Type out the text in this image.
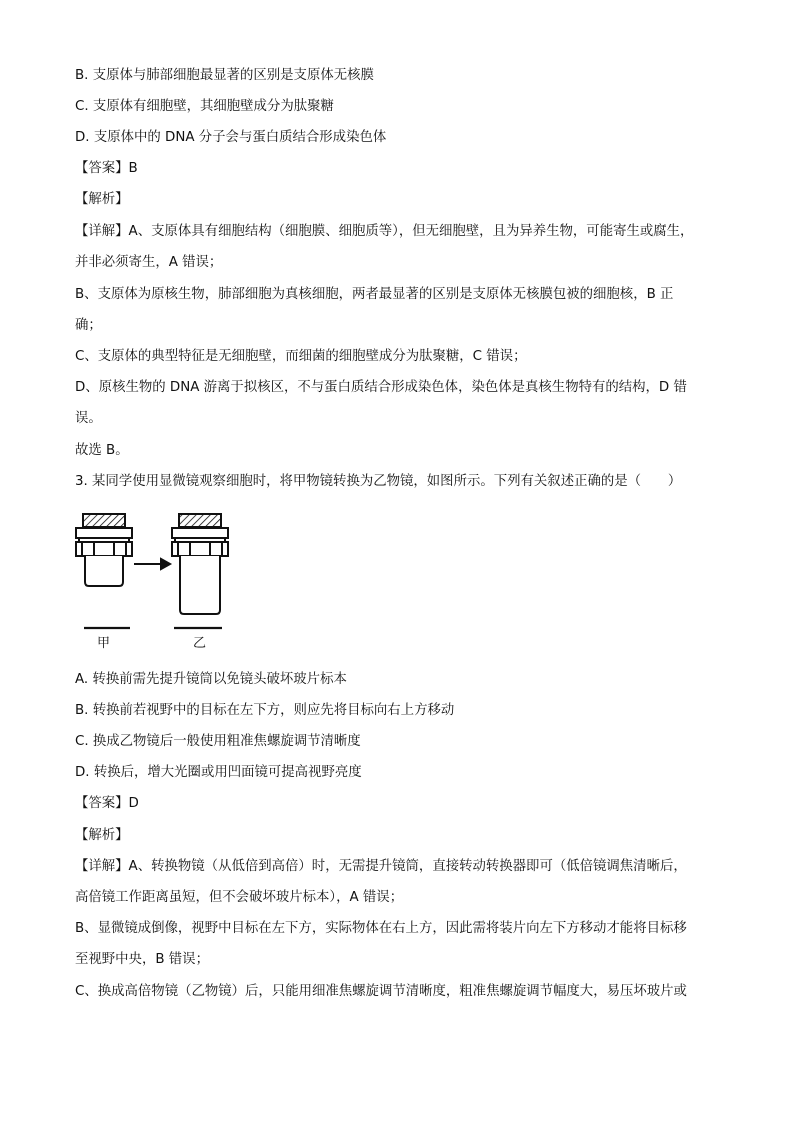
B. 支原体与肺部细胞最显著的区别是支原体无核膜
C. 支原体有细胞壁，其细胞壁成分为肽聚糖
D. 支原体中的 DNA 分子会与蛋白质结合形成染色体
【答案】B
【解析】
【详解】A、支原体具有细胞结构（细胞膜、细胞质等），但无细胞壁，且为异养生物，可能寄生或腐生，
并非必须寄生，A 错误；
B、支原体为原核生物，肺部细胞为真核细胞，两者最显著的区别是支原体无核膜包被的细胞核，B 正
确；
C、支原体的典型特征是无细胞壁，而细菌的细胞壁成分为肽聚糖，C 错误；
D、原核生物的 DNA 游离于拟核区，不与蛋白质结合形成染色体，染色体是真核生物特有的结构，D 错
误。
故选 B。
3. 某同学使用显微镜观察细胞时，将甲物镜转换为乙物镜，如图所示。下列有关叙述正确的是（　　）
甲	乙
A. 转换前需先提升镜筒以免镜头破坏玻片标本
B. 转换前若视野中的目标在左下方，则应先将目标向右上方移动
C. 换成乙物镜后一般使用粗准焦螺旋调节清晰度
D. 转换后，增大光圈或用凹面镜可提高视野亮度
【答案】D
【解析】
【详解】A、转换物镜（从低倍到高倍）时，无需提升镜筒，直接转动转换器即可（低倍镜调焦清晰后，
高倍镜工作距离虽短，但不会破坏玻片标本），A 错误；
B、显微镜成倒像，视野中目标在左下方，实际物体在右上方，因此需将装片向左下方移动才能将目标移
至视野中央，B 错误；
C、换成高倍物镜（乙物镜）后，只能用细准焦螺旋调节清晰度，粗准焦螺旋调节幅度大，易压坏玻片或
